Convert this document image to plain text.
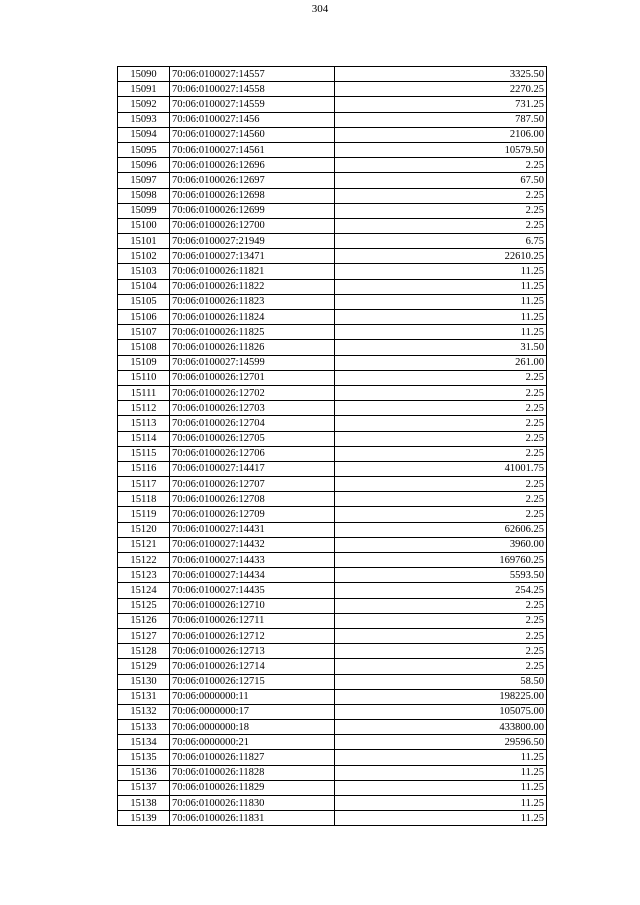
304
15090	70:06:0100027:14557	3325.50
15091	70:06:0100027:14558	2270.25
15092	70:06:0100027:14559	731.25
15093	70:06:0100027:1456	787.50
15094	70:06:0100027:14560	2106.00
15095	70:06:0100027:14561	10579.50
15096	70:06:0100026:12696	2.25
15097	70:06:0100026:12697	67.50
15098	70:06:0100026:12698	2.25
15099	70:06:0100026:12699	2.25
15100	70:06:0100026:12700	2.25
15101	70:06:0100027:21949	6.75
15102	70:06:0100027:13471	22610.25
15103	70:06:0100026:11821	11.25
15104	70:06:0100026:11822	11.25
15105	70:06:0100026:11823	11.25
15106	70:06:0100026:11824	11.25
15107	70:06:0100026:11825	11.25
15108	70:06:0100026:11826	31.50
15109	70:06:0100027:14599	261.00
15110	70:06:0100026:12701	2.25
15111	70:06:0100026:12702	2.25
15112	70:06:0100026:12703	2.25
15113	70:06:0100026:12704	2.25
15114	70:06:0100026:12705	2.25
15115	70:06:0100026:12706	2.25
15116	70:06:0100027:14417	41001.75
15117	70:06:0100026:12707	2.25
15118	70:06:0100026:12708	2.25
15119	70:06:0100026:12709	2.25
15120	70:06:0100027:14431	62606.25
15121	70:06:0100027:14432	3960.00
15122	70:06:0100027:14433	169760.25
15123	70:06:0100027:14434	5593.50
15124	70:06:0100027:14435	254.25
15125	70:06:0100026:12710	2.25
15126	70:06:0100026:12711	2.25
15127	70:06:0100026:12712	2.25
15128	70:06:0100026:12713	2.25
15129	70:06:0100026:12714	2.25
15130	70:06:0100026:12715	58.50
15131	70:06:0000000:11	198225.00
15132	70:06:0000000:17	105075.00
15133	70:06:0000000:18	433800.00
15134	70:06:0000000:21	29596.50
15135	70:06:0100026:11827	11.25
15136	70:06:0100026:11828	11.25
15137	70:06:0100026:11829	11.25
15138	70:06:0100026:11830	11.25
15139	70:06:0100026:11831	11.25
